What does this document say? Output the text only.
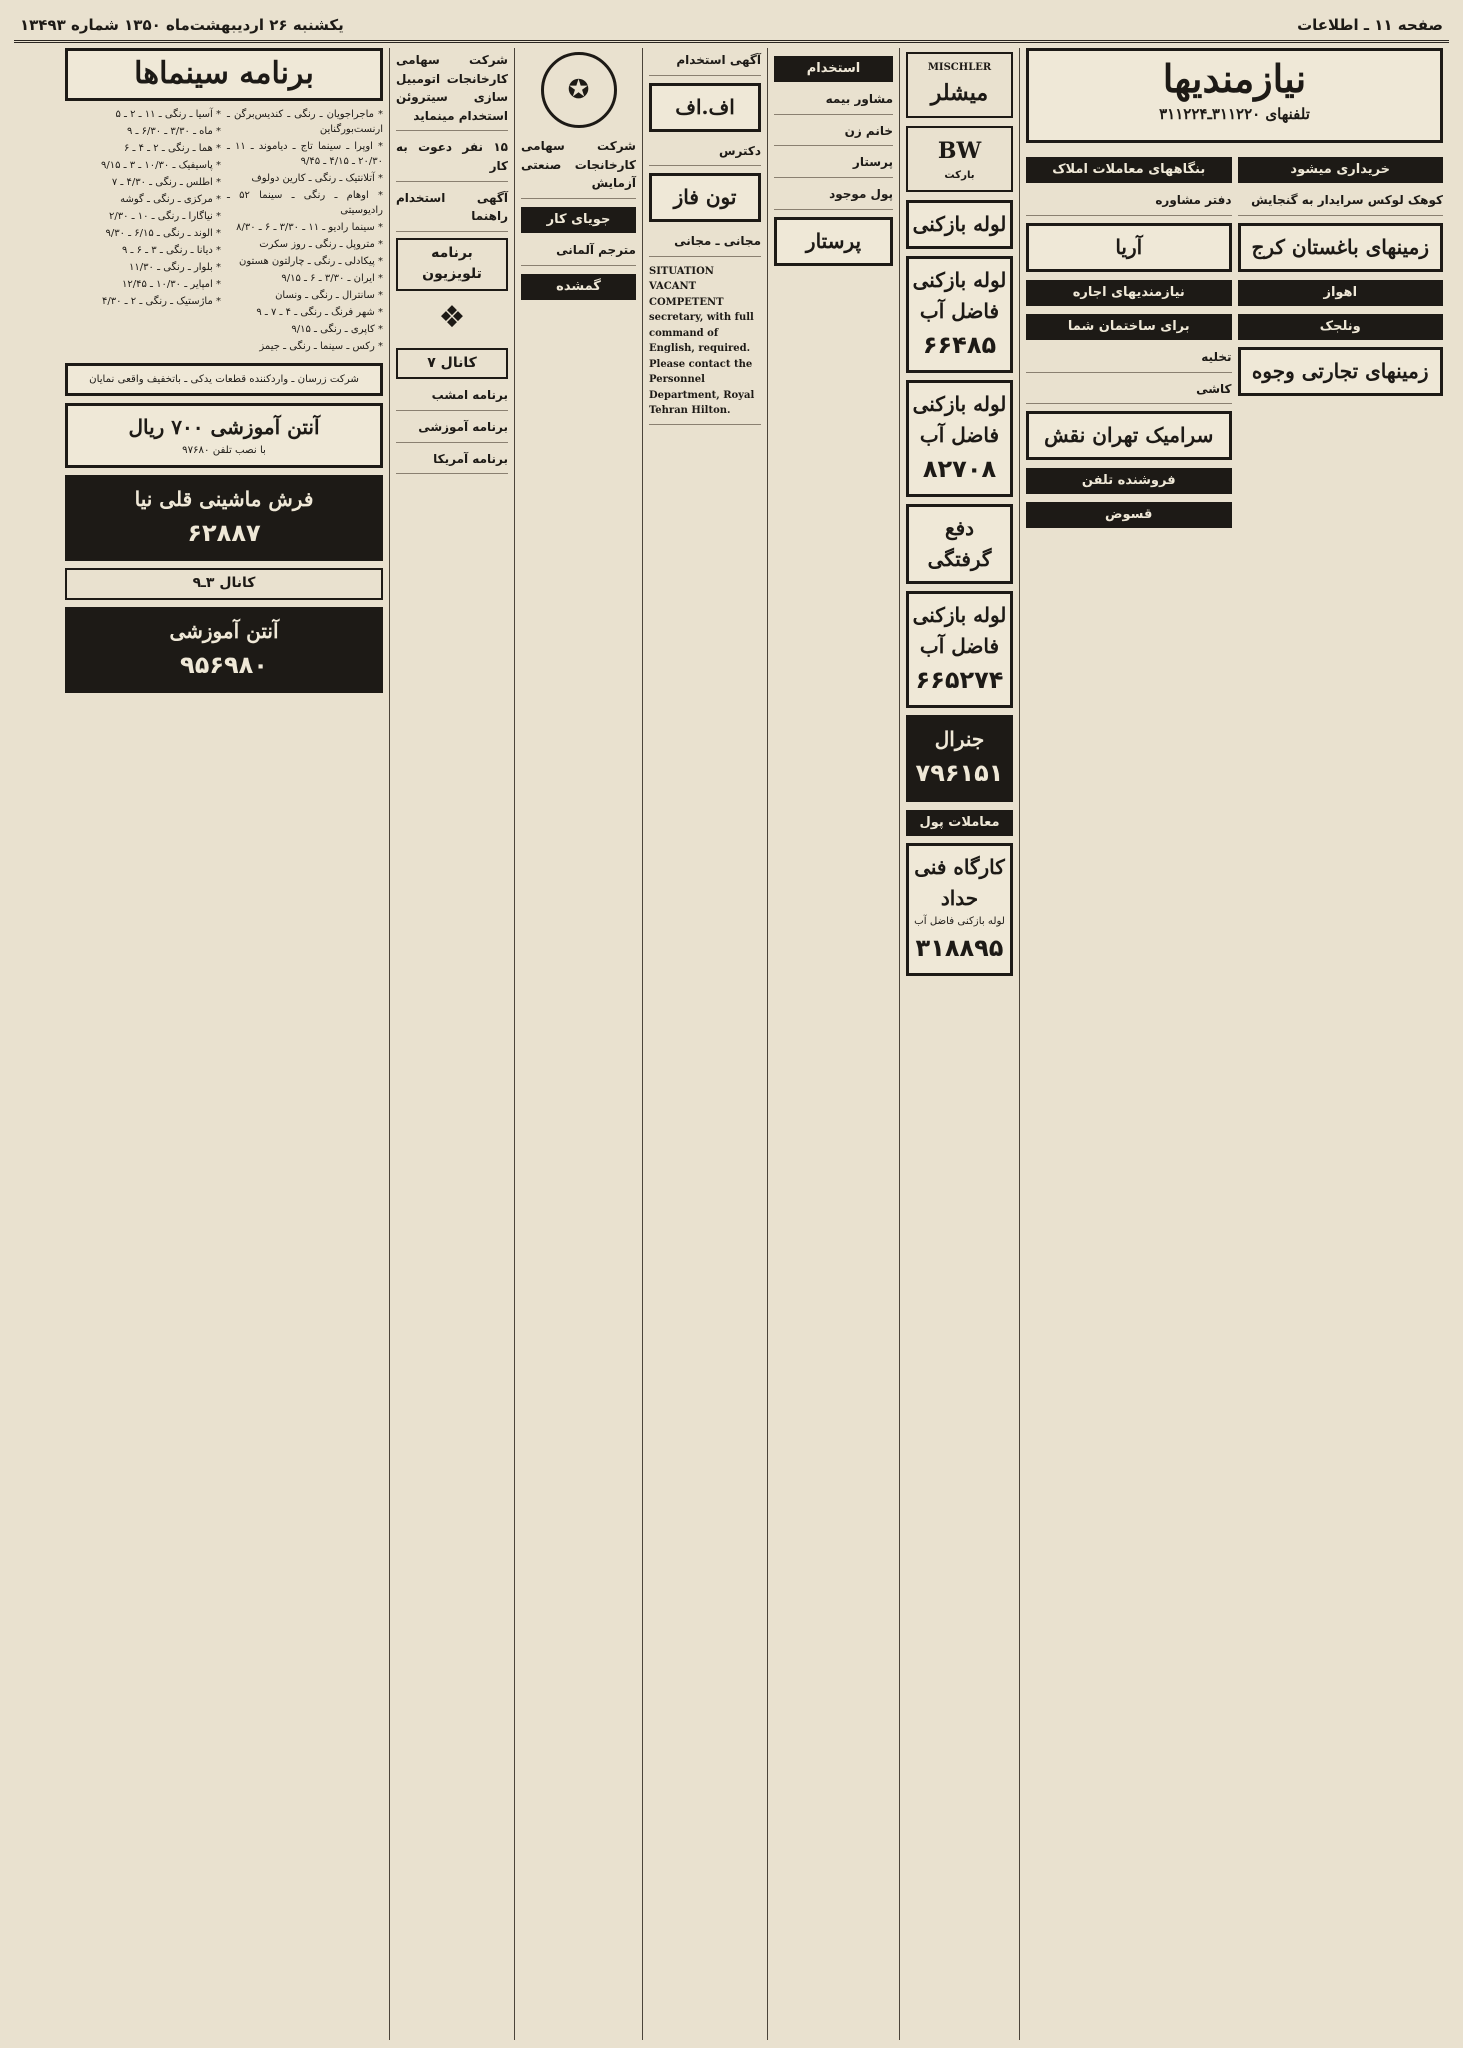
صفحه ۱۱ ـ اطلاعات
یکشنبه ۲۶ اردیبهشت‌ماه ۱۳۵۰ شماره ۱۳۴۹۳
نیازمندیها
تلفنهای ۳۱۱۲۲۰ـ۳۱۱۲۲۴
خریداری میشود
کوهک لوکس سرایدار به گنجایش
زمینهای باغستان کرج
اهواز
ونلجک
زمینهای تجارتی وجوه
بنگاههای معاملات املاک
دفتر مشاوره
آریا
نیازمندیهای اجاره
برای ساختمان شما
تخلیه
کاشی
سرامیک تهران نقش
فروشنده تلفن
قسوض
MISCHLER
میشلر
BW
بارکت
لوله بازکنی
لوله بازکنی فاضل آب
۶۶۴۸۵
لوله بازکنی فاضل آب
۸۲۷۰۸
دفع گرفتگی
لوله بازکنی فاضل آب
۶۶۵۲۷۴
جنرال
۷۹۶۱۵۱
معاملات پول
کارگاه فنی حداد
لوله بازکنی فاضل آب
۳۱۸۸۹۵
استخدام
مشاور بیمه
خانم زن
پرستار
پول موجود
پرستار
آگهی استخدام
اف.اف
دکترس
تون فاز
مجانی ـ مجانی
SITUATION VACANT COMPETENT secretary, with full command of English, required. Please contact the Personnel Department, Royal Tehran Hilton.
✪
شرکت سهامی کارخانجات صنعتی آزمایش
جویای کار
مترجم آلمانی
گمشده
شرکت سهامی کارخانجات اتومبیل سازی سیتروئن استخدام مینماید
۱۵ نفر دعوت به کار
آگهی استخدام راهنما
برنامه تلویزیون
❖
کانال ۷
برنامه امشب
برنامه آموزشی
برنامه آمریکا
برنامه سینماها
* ماجراجویان ـ رنگی ـ کندیس‌برگن ـ ارنست‌بورگناین
* اوپرا ـ سینما تاج ـ دیاموند ـ ۱۱ ـ ۲۰/۳۰ ـ ۴/۱۵ ـ ۹/۴۵
* آتلانتیک ـ رنگی ـ کارین دولوف
* اوهام ـ رنگی ـ سینما ۵۲ ـ رادیوسیتی
* سینما رادیو ـ ۱۱ ـ ۳/۳۰ ـ ۶ ـ ۸/۳۰
* متروپل ـ رنگی ـ روز سکرت
* پیکادلی ـ رنگی ـ چارلتون هستون
* ایران ـ ۳/۳۰ ـ ۶ ـ ۹/۱۵
* سانترال ـ رنگی ـ ونسان
* شهر فرنگ ـ رنگی ـ ۴ ـ ۷ ـ ۹
* کاپری ـ رنگی ـ ۹/۱۵
* رکس ـ سینما ـ رنگی ـ جیمز
* آسیا ـ رنگی ـ ۱۱ ـ ۲ ـ ۵
* ماه ـ ۳/۳۰ ـ ۶/۳۰ ـ ۹
* هما ـ رنگی ـ ۲ ـ ۴ ـ ۶
* پاسیفیک ـ ۱۰/۳۰ ـ ۳ ـ ۹/۱۵
* اطلس ـ رنگی ـ ۴/۳۰ ـ ۷
* مرکزی ـ رنگی ـ گوشه
* نیاگارا ـ رنگی ـ ۱۰ ـ ۲/۳۰
* الوند ـ رنگی ـ ۶/۱۵ ـ ۹/۳۰
* دیانا ـ رنگی ـ ۳ ـ ۶ ـ ۹
* بلوار ـ رنگی ـ ۱۱/۳۰
* امپایر ـ ۱۰/۳۰ ـ ۱۲/۴۵
* ماژستیک ـ رنگی ـ ۲ ـ ۴/۳۰
شرکت زرسان ـ واردکننده قطعات یدکی ـ باتخفیف واقعی نمایان
آنتن آموزشی ۷۰۰ ریال
با نصب تلفن ۹۷۶۸۰
فرش ماشینی قلی نیا
۶۲۸۸۷
کانال ۳ـ۹
آنتن آموزشی
۹۵۶۹۸۰
